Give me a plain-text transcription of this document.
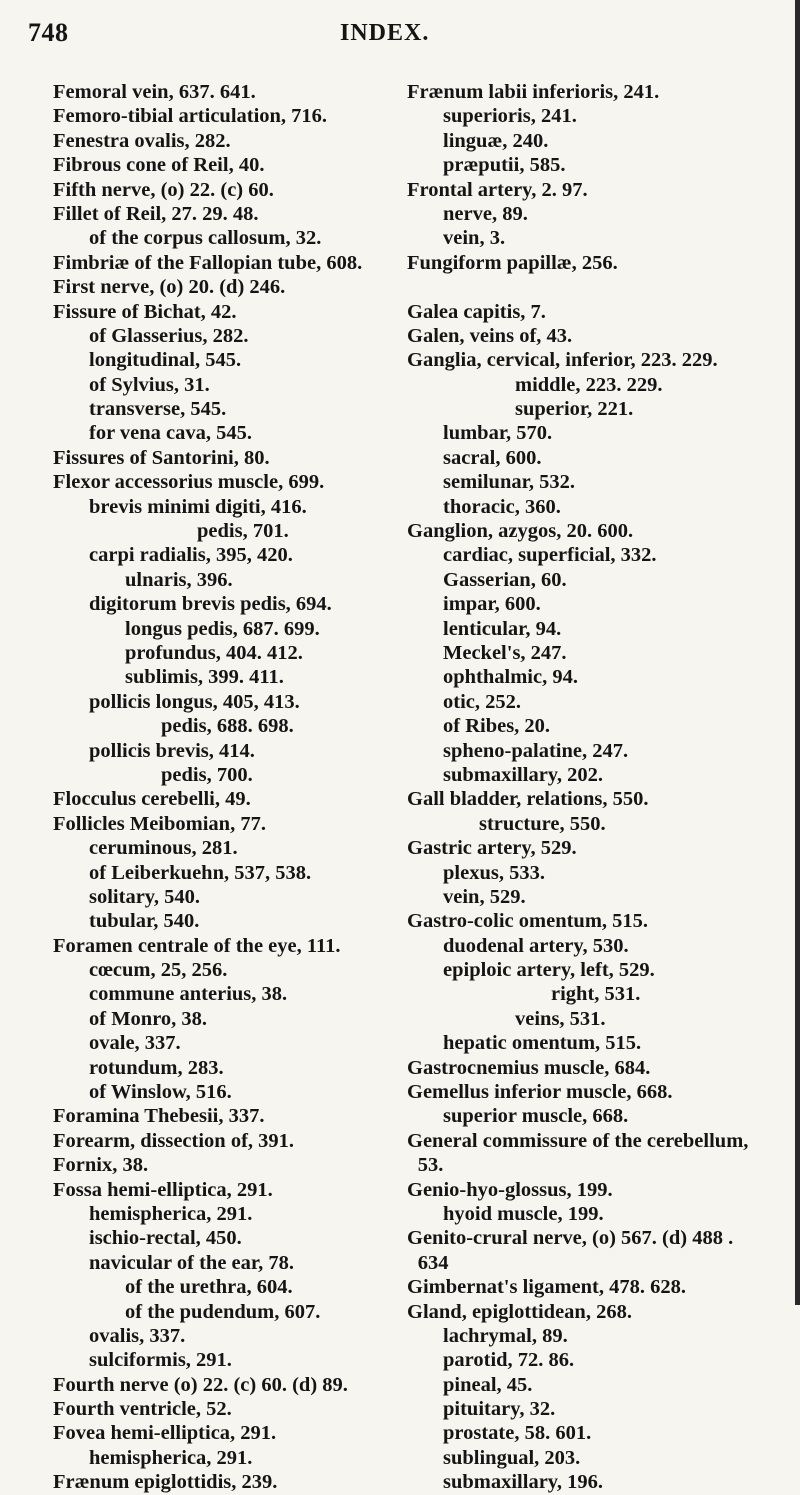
748	INDEX.
Femoral vein, 637. 641.
Femoro-tibial articulation, 716.
Fenestra ovalis, 282.
Fibrous cone of Reil, 40.
Fifth nerve, (o) 22. (c) 60.
Fillet of Reil, 27. 29. 48.
of the corpus callosum, 32.
Fimbriæ of the Fallopian tube, 608.
First nerve, (o) 20. (d) 246.
Fissure of Bichat, 42.
of Glasserius, 282.
longitudinal, 545.
of Sylvius, 31.
transverse, 545.
for vena cava, 545.
Fissures of Santorini, 80.
Flexor accessorius muscle, 699.
brevis minimi digiti, 416.
pedis, 701.
carpi radialis, 395, 420.
ulnaris, 396.
digitorum brevis pedis, 694.
longus pedis, 687. 699.
profundus, 404. 412.
sublimis, 399. 411.
pollicis longus, 405, 413.
pedis, 688. 698.
pollicis brevis, 414.
pedis, 700.
Flocculus cerebelli, 49.
Follicles Meibomian, 77.
ceruminous, 281.
of Leiberkuehn, 537, 538.
solitary, 540.
tubular, 540.
Foramen centrale of the eye, 111.
cœcum, 25, 256.
commune anterius, 38.
of Monro, 38.
ovale, 337.
rotundum, 283.
of Winslow, 516.
Foramina Thebesii, 337.
Forearm, dissection of, 391.
Fornix, 38.
Fossa hemi-elliptica, 291.
hemispherica, 291.
ischio-rectal, 450.
navicular of the ear, 78.
of the urethra, 604.
of the pudendum, 607.
ovalis, 337.
sulciformis, 291.
Fourth nerve (o) 22. (c) 60. (d) 89.
Fourth ventricle, 52.
Fovea hemi-elliptica, 291.
hemispherica, 291.
Frænum epiglottidis, 239.
Frænum labii inferioris, 241.
superioris, 241.
linguæ, 240.
præputii, 585.
Frontal artery, 2. 97.
nerve, 89.
vein, 3.
Fungiform papillæ, 256.
Galea capitis, 7.
Galen, veins of, 43.
Ganglia, cervical, inferior, 223. 229.
middle, 223. 229.
superior, 221.
lumbar, 570.
sacral, 600.
semilunar, 532.
thoracic, 360.
Ganglion, azygos, 20. 600.
cardiac, superficial, 332.
Gasserian, 60.
impar, 600.
lenticular, 94.
Meckel's, 247.
ophthalmic, 94.
otic, 252.
of Ribes, 20.
spheno-palatine, 247.
submaxillary, 202.
Gall bladder, relations, 550.
structure, 550.
Gastric artery, 529.
plexus, 533.
vein, 529.
Gastro-colic omentum, 515.
duodenal artery, 530.
epiploic artery, left, 529.
right, 531.
veins, 531.
hepatic omentum, 515.
Gastrocnemius muscle, 684.
Gemellus inferior muscle, 668.
superior muscle, 668.
General commissure of the cerebellum,
53.
Genio-hyo-glossus, 199.
hyoid muscle, 199.
Genito-crural nerve, (o) 567. (d) 488 .
634
Gimbernat's ligament, 478. 628.
Gland, epiglottidean, 268.
lachrymal, 89.
parotid, 72. 86.
pineal, 45.
pituitary, 32.
prostate, 58. 601.
sublingual, 203.
submaxillary, 196.
